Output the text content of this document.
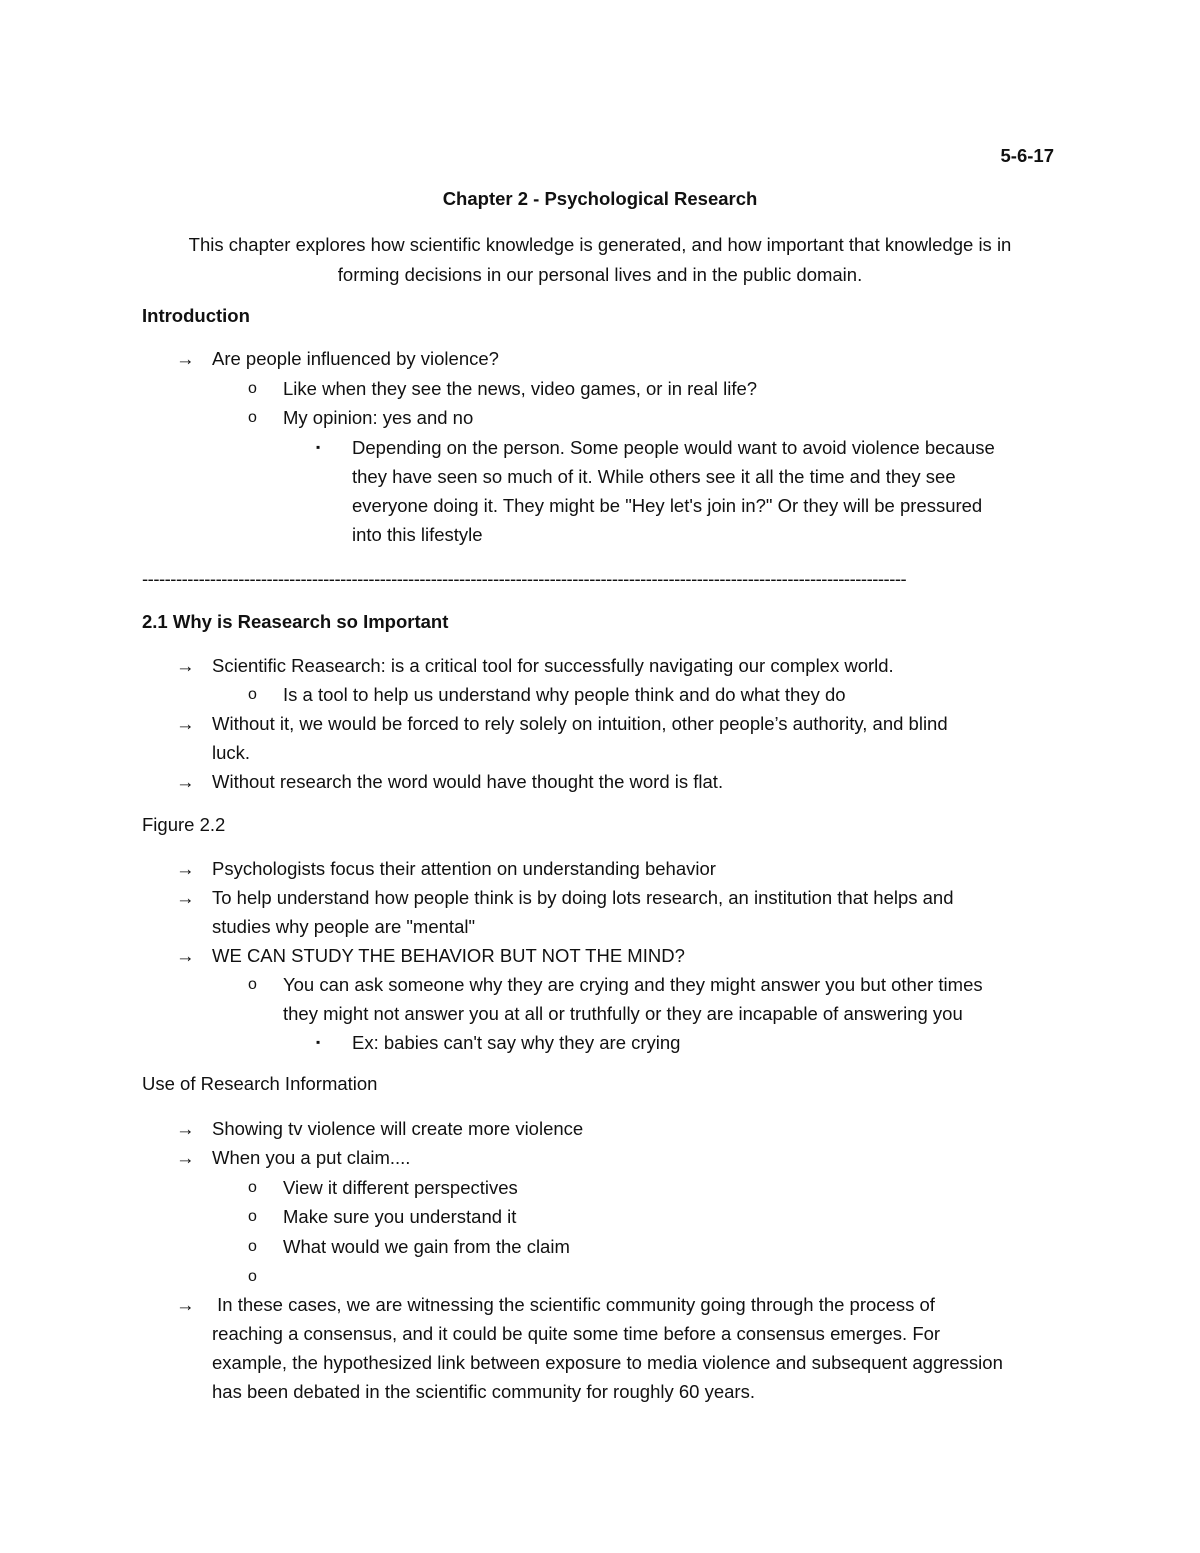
5-6-17
Chapter 2 - Psychological Research
This chapter explores how scientific knowledge is generated, and how important that knowledge is in
forming decisions in our personal lives and in the public domain.
Introduction
→ Are people influenced by violence?
o Like when they see the news, video games, or in real life?
o My opinion: yes and no
▪ Depending on the person. Some people would want to avoid violence because
they have seen so much of it. While others see it all the time and they see
everyone doing it. They might be "Hey let's join in?" Or they will be pressured
into this lifestyle
---------------------------------------------------------------------------------------------------------------------------------------
2.1 Why is Reasearch so Important
→ Scientific Reasearch: is a critical tool for successfully navigating our complex world.
o Is a tool to help us understand why people think and do what they do
→ Without it, we would be forced to rely solely on intuition, other people’s authority, and blind
luck.
→ Without research the word would have thought the word is flat.
Figure 2.2
→ Psychologists focus their attention on understanding behavior
→ To help understand how people think is by doing lots research, an institution that helps and
studies why people are "mental"
→ WE CAN STUDY THE BEHAVIOR BUT NOT THE MIND?
o You can ask someone why they are crying and they might answer you but other times
they might not answer you at all or truthfully or they are incapable of answering you
▪ Ex: babies can't say why they are crying
Use of Research Information
→ Showing tv violence will create more violence
→ When you a put claim....
o View it different perspectives
o Make sure you understand it
o What would we gain from the claim
o
→ In these cases, we are witnessing the scientific community going through the process of
reaching a consensus, and it could be quite some time before a consensus emerges. For
example, the hypothesized link between exposure to media violence and subsequent aggression
has been debated in the scientific community for roughly 60 years.
